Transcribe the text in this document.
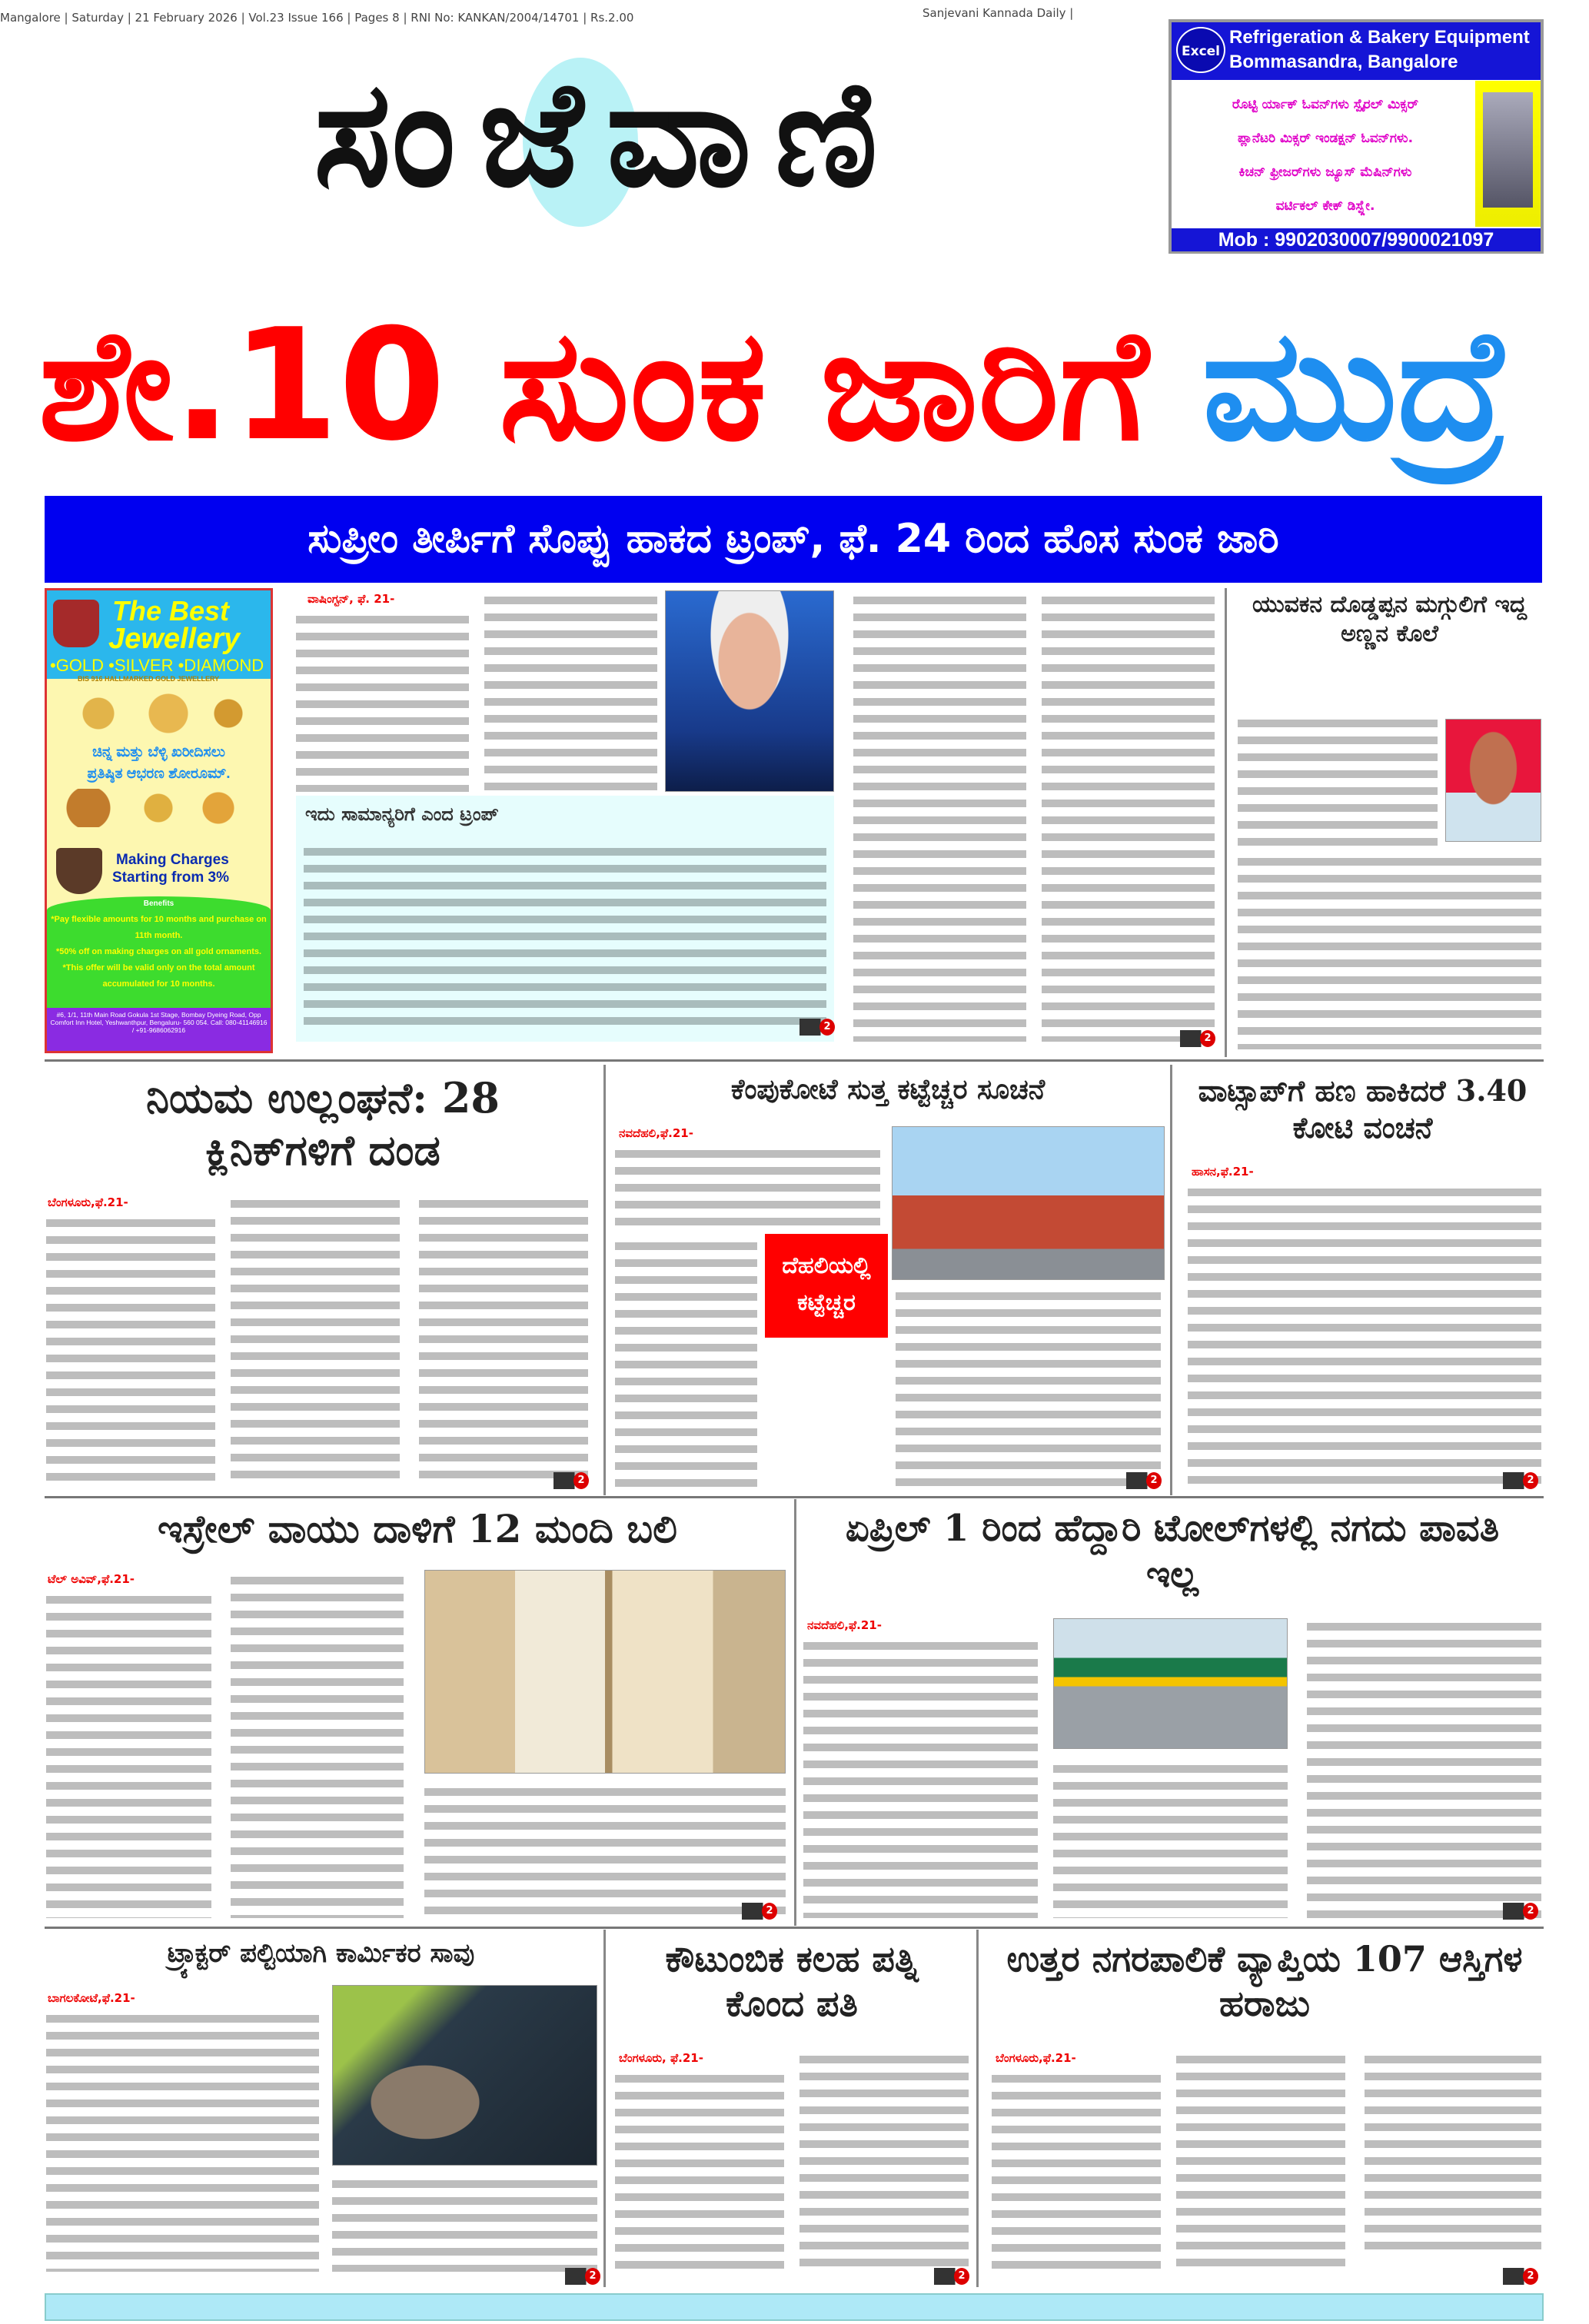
Mangalore | Saturday | 21 February 2026 | Vol.23 Issue 166 | Pages 8 | RNI No: KANKAN/2004/14701 | Rs.2.00	Sanjevani Kannada Daily |
ಸಂಜೆವಾಣಿ	Excel
Refrigeration & Bakery Equipment
Bommasandra, Bangalore
ರೊಟ್ಟಿ ರ್ಯಾಕ್ ಓವನ್‌ಗಳು ಸ್ಪೈರಲ್ ಮಿಕ್ಸರ್
ಪ್ಲಾನೆಟರಿ ಮಿಕ್ಸರ್ ಇಂಡಕ್ಷನ್ ಓವನ್‌ಗಳು.
ಕಿಚನ್ ಫ್ರೀಜರ್‌ಗಳು ಜ್ಯೂಸ್ ಮೆಷಿನ್‌ಗಳು
ವರ್ಟಿಕಲ್ ಕೇಕ್ ಡಿಸ್ಪ್ಲೇ.
Mob : 9902030007/9900021097
ಶೇ.10 ಸುಂಕ ಜಾರಿಗೆ ಮುದ್ರೆ
ಸುಪ್ರೀಂ ತೀರ್ಪಿಗೆ ಸೊಪ್ಪು ಹಾಕದ ಟ್ರಂಪ್, ಫೆ. 24 ರಿಂದ ಹೊಸ ಸುಂಕ ಜಾರಿ
The Best
Jewellery
•GOLD •SILVER •DIAMOND
BIS 916 HALLMARKED GOLD JEWELLERY
ಚಿನ್ನ ಮತ್ತು ಬೆಳ್ಳಿ ಖರೀದಿಸಲು
ಪ್ರತಿಷ್ಠಿತ ಆಭರಣ ಶೋರೂಮ್.
Making Charges
Starting from 3%
Benefits
*Pay flexible amounts for 10 months and purchase on 11th month.
*50% off on making charges on all gold ornaments.
*This offer will be valid only on the total amount accumulated for 10 months.
#6, 1/1, 11th Main Road Gokula 1st Stage, Bombay Dyeing Road, Opp Comfort Inn Hotel, Yeshwanthpur, Bengaluru- 560 054. Call: 080-41146916 / +91-9686062916
ವಾಷಿಂಗ್ಟನ್, ಫೆ. 21-
ಇದು ಸಾಮಾನ್ಯರಿಗೆ ಎಂದ ಟ್ರಂಪ್
2
2
ಯುವಕನ ದೊಡ್ಡಪ್ಪನ ಮಗ್ಗುಲಿಗೆ ಇದ್ದ ಅಣ್ಣನ ಕೊಲೆ
ನಿಯಮ ಉಲ್ಲಂಘನೆ: 28 ಕ್ಲಿನಿಕ್‌ಗಳಿಗೆ ದಂಡ
ಬೆಂಗಳೂರು,ಫೆ.21-
2
ಕೆಂಪುಕೋಟೆ ಸುತ್ತ ಕಟ್ಟೆಚ್ಚರ ಸೂಚನೆ
ನವದೆಹಲಿ,ಫೆ.21-
ದೆಹಲಿಯಲ್ಲಿ ಕಟ್ಟೆಚ್ಚರ
2
ವಾಟ್ಸಾಪ್‌ಗೆ ಹಣ ಹಾಕಿದರೆ 3.40 ಕೋಟಿ ವಂಚನೆ
ಹಾಸನ,ಫೆ.21-
2
ಇಸ್ರೇಲ್ ವಾಯು ದಾಳಿಗೆ 12 ಮಂದಿ ಬಲಿ
ಟೆಲ್ ಅವಿವ್,ಫೆ.21-
2
ಏಪ್ರಿಲ್ 1 ರಿಂದ ಹೆದ್ದಾರಿ ಟೋಲ್‌ಗಳಲ್ಲಿ ನಗದು ಪಾವತಿ ಇಲ್ಲ
ನವದೆಹಲಿ,ಫೆ.21-
2
ಟ್ರ್ಯಾಕ್ಟರ್ ಪಲ್ಟಿಯಾಗಿ ಕಾರ್ಮಿಕರ ಸಾವು
ಬಾಗಲಕೋಟೆ,ಫೆ.21-
2
ಕೌಟುಂಬಿಕ ಕಲಹ ಪತ್ನಿ ಕೊಂದ ಪತಿ
ಬೆಂಗಳೂರು, ಫೆ.21-
2
ಉತ್ತರ ನಗರಪಾಲಿಕೆ ವ್ಯಾಪ್ತಿಯ 107 ಆಸ್ತಿಗಳ ಹರಾಜು
ಬೆಂಗಳೂರು,ಫೆ.21-
2
